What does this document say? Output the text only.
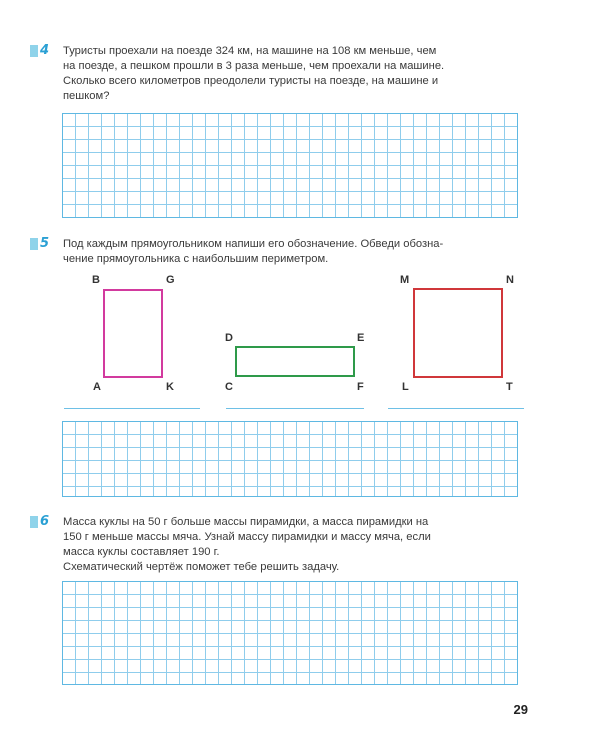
4 Туристы проехали на поезде 324 км, на машине на 108 км меньше, чем
на поезде, а пешком прошли в 3 раза меньше, чем проехали на машине.
Сколько всего километров преодолели туристы на поезде, на машине и
пешком?
5 Под каждым прямоугольником напиши его обозначение. Обведи обозна-
чение прямоугольника с наибольшим периметром.
B	G
A	K
D	E
C	F
M	N
L	T
6 Масса куклы на 50 г больше массы пирамидки, а масса пирамидки на
150 г меньше массы мяча. Узнай массу пирамидки и массу мяча, если
масса куклы составляет 190 г.
Схематический чертёж поможет тебе решить задачу.
29
